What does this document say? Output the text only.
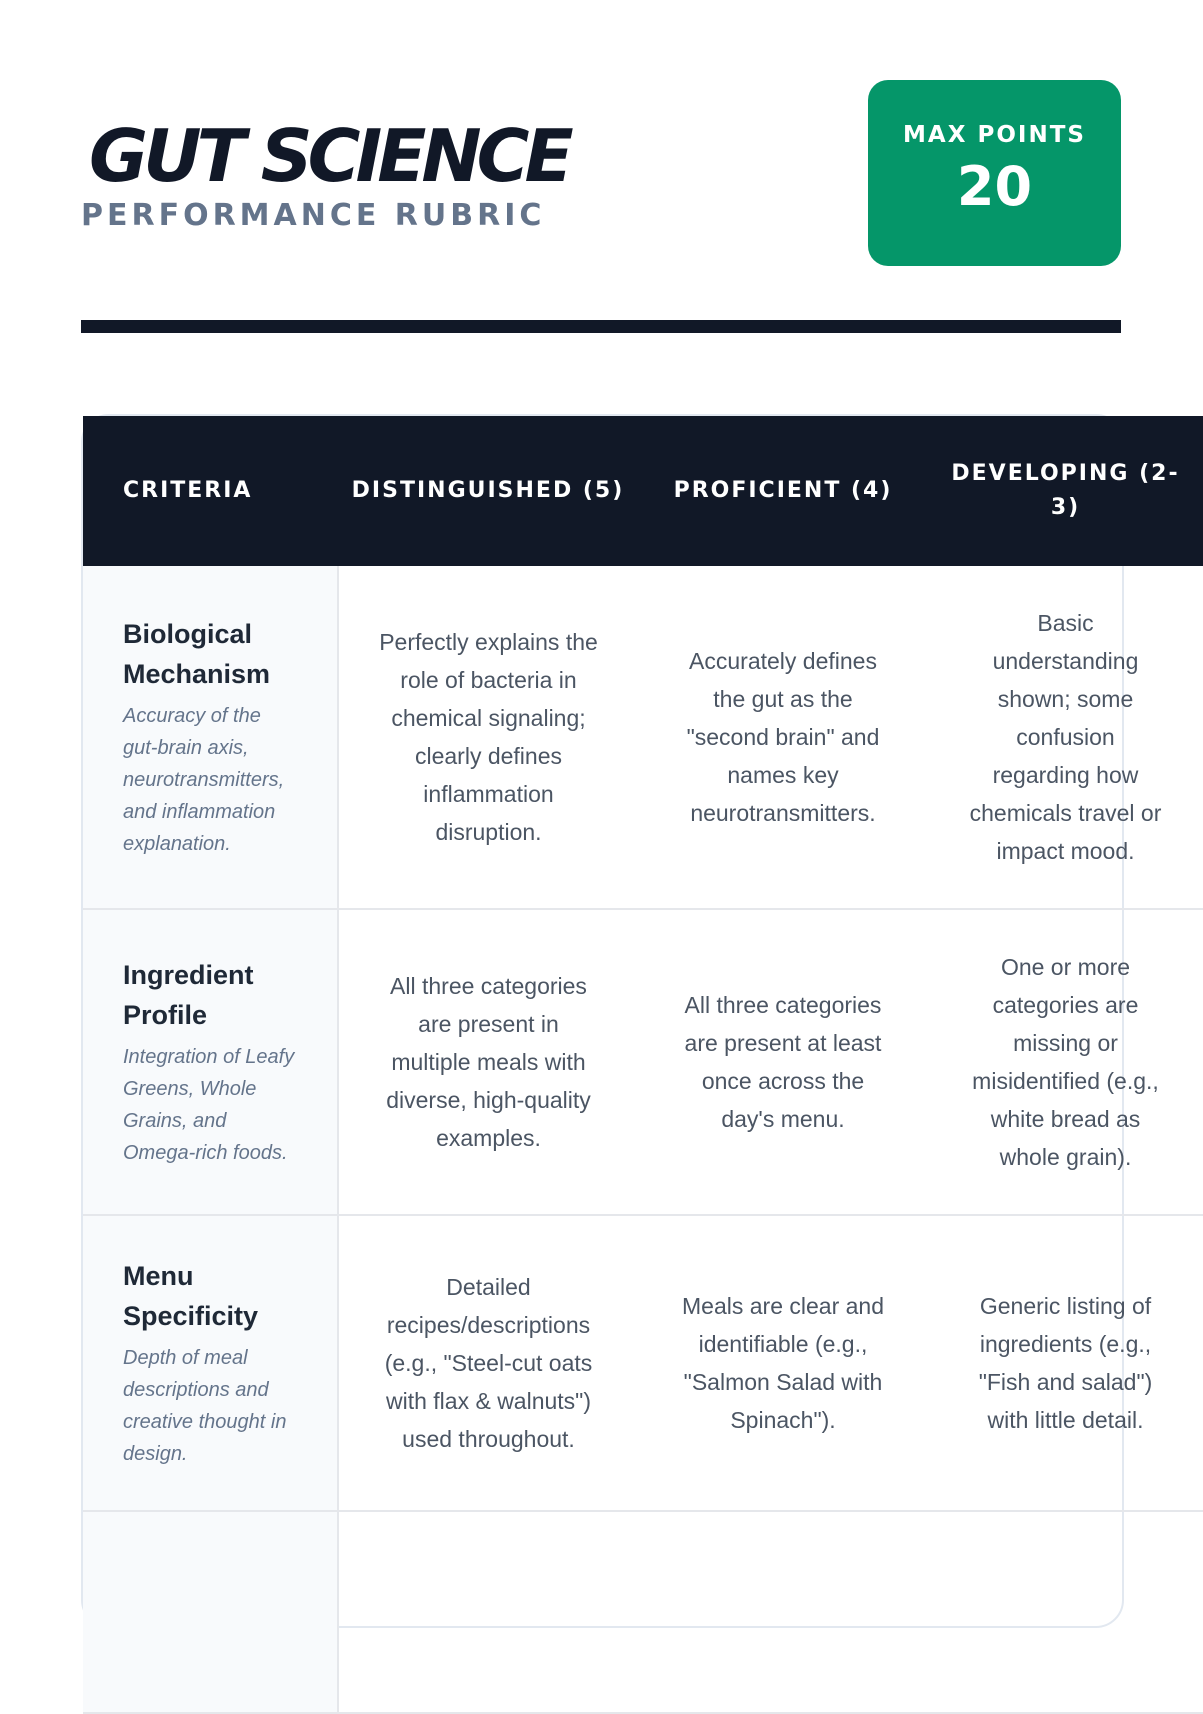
GUT SCIENCE
PERFORMANCE RUBRIC
MAX POINTS
20
CRITERIA	DISTINGUISHED (5)	PROFICIENT (4)	DEVELOPING (2-3)

Biological Mechanism
Accuracy of the gut-brain axis, neurotransmitters, and inflammation explanation.	Perfectly explains the role of bacteria in chemical signaling; clearly defines inflammation disruption.	Accurately defines the gut as the "second brain" and names key neurotransmitters.	Basic understanding shown; some confusion regarding how chemicals travel or impact mood.

Ingredient Profile
Integration of Leafy Greens, Whole Grains, and Omega-rich foods.	All three categories are present in multiple meals with diverse, high-quality examples.	All three categories are present at least once across the day's menu.	One or more categories are missing or misidentified (e.g., white bread as whole grain).

Menu Specificity
Depth of meal descriptions and creative thought in design.	Detailed recipes/descriptions (e.g., "Steel-cut oats with flax & walnuts") used throughout.	Meals are clear and identifiable (e.g., "Salmon Salad with Spinach").	Generic listing of ingredients (e.g., "Fish and salad") with little detail.
